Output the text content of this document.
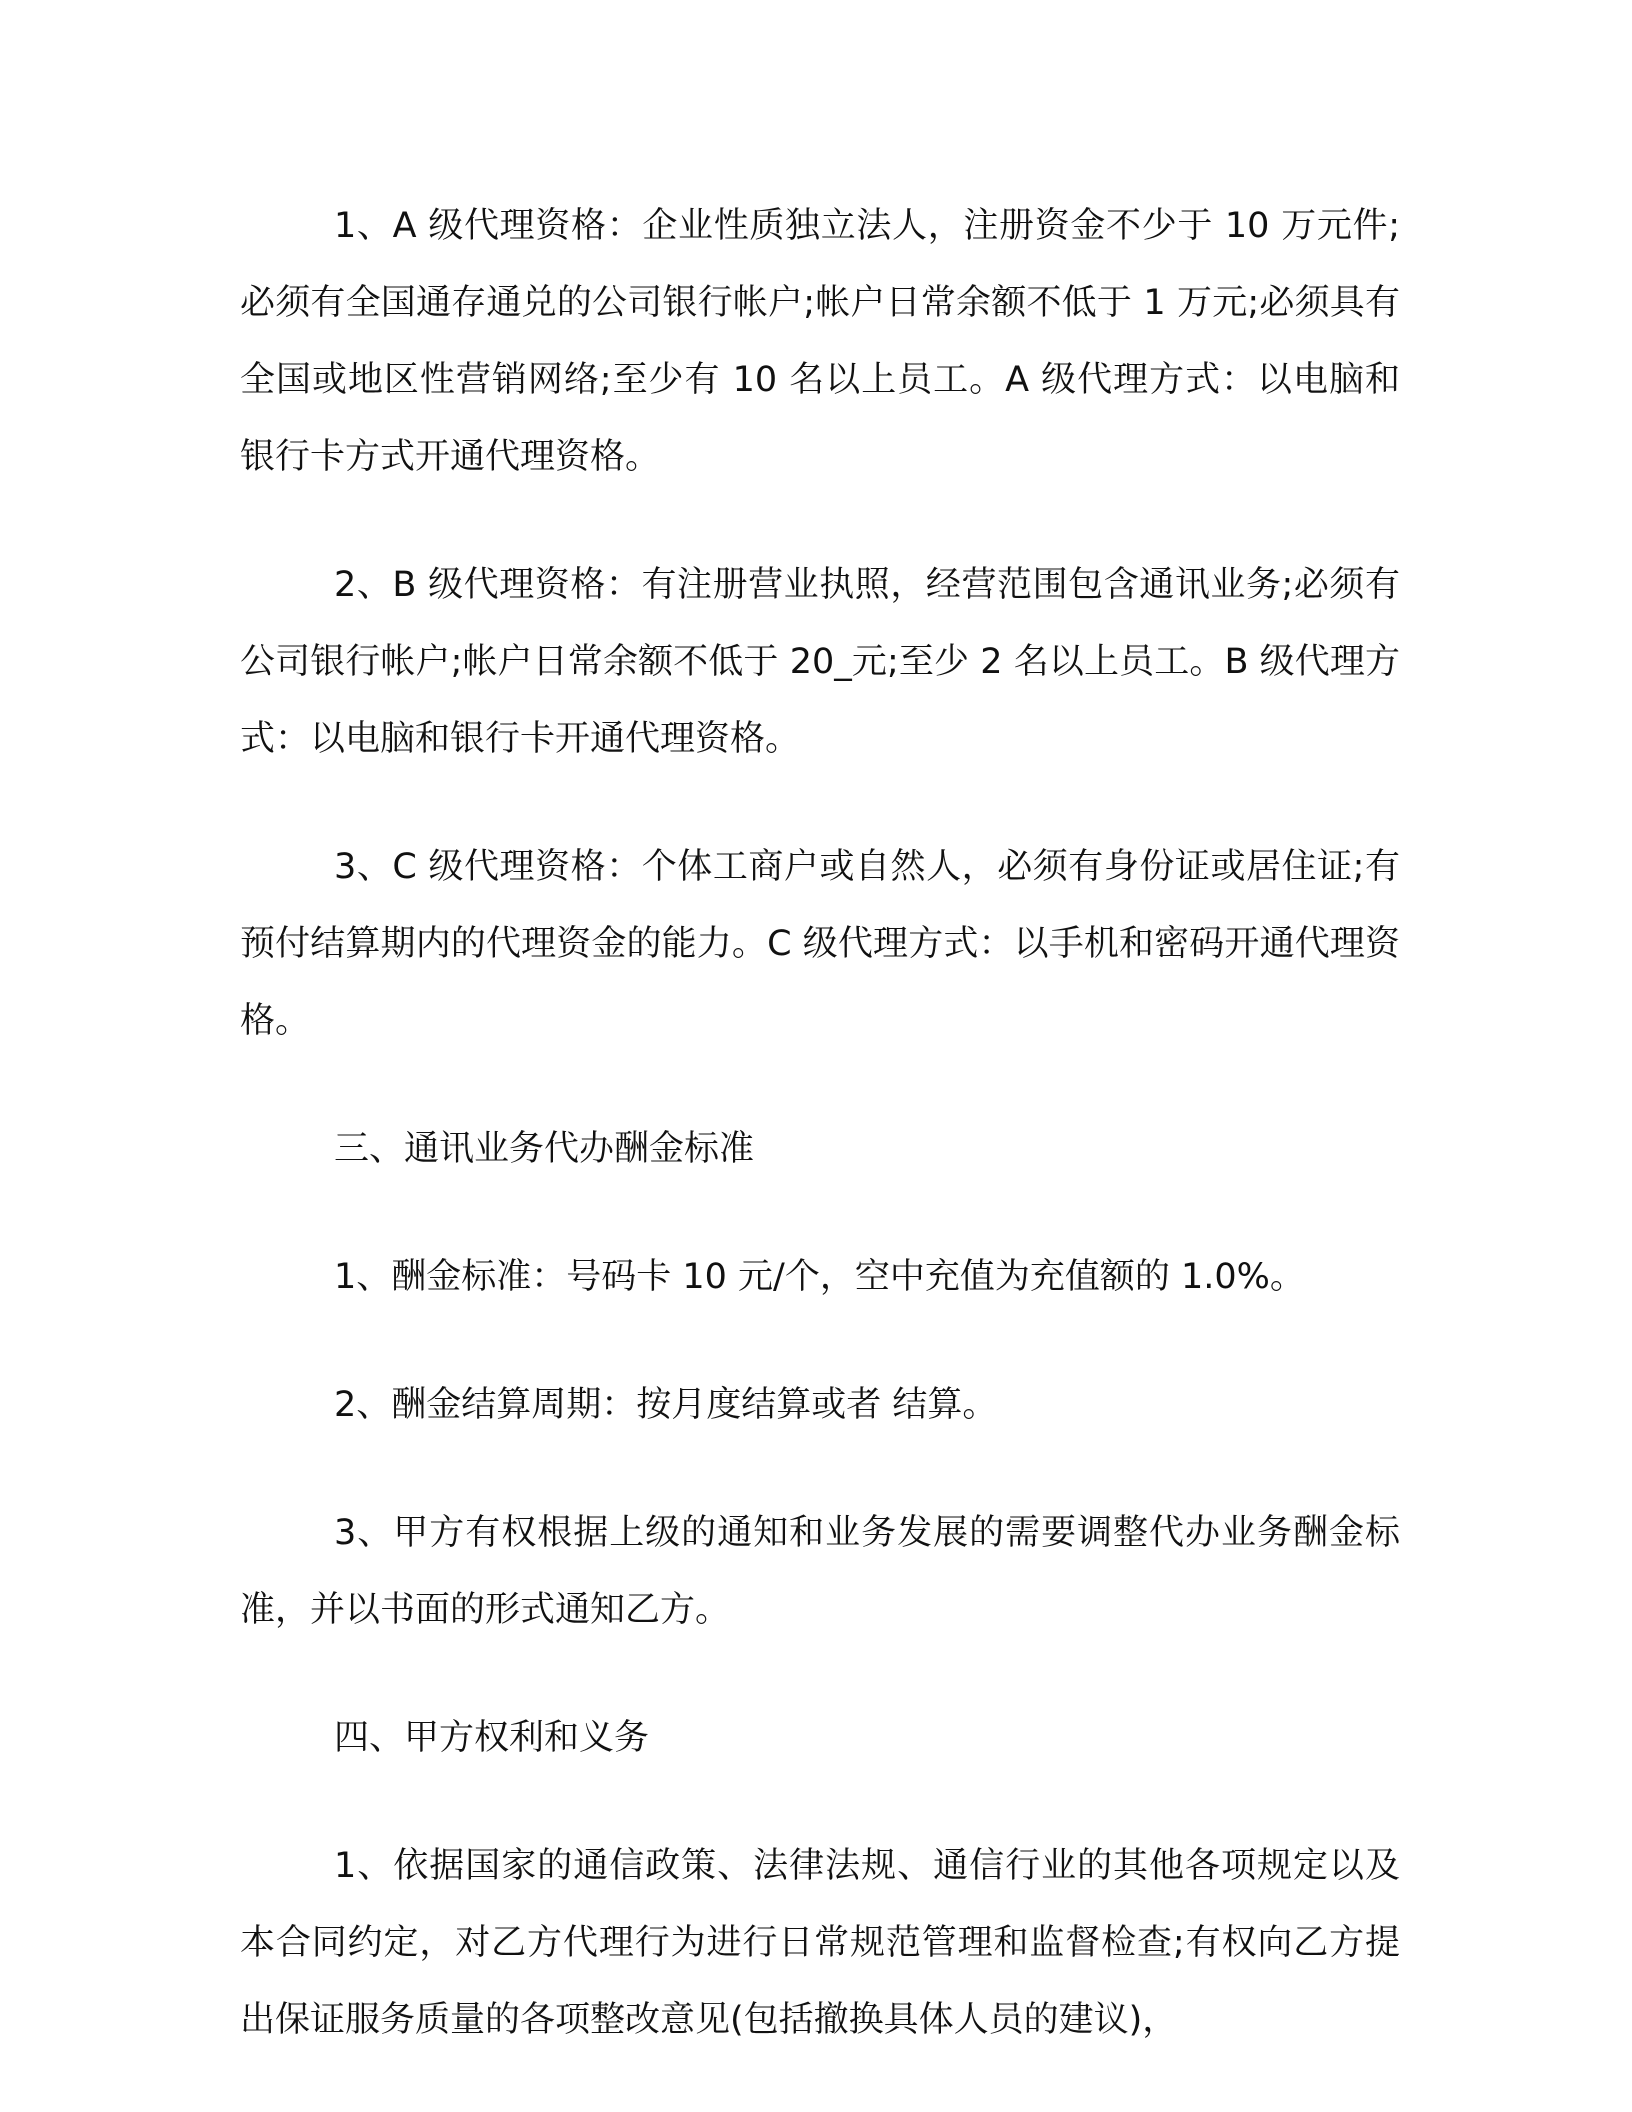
1、A 级代理资格：企业性质独立法人，注册资金不少于 10 万元件;必须有全国通存通兑的公司银行帐户;帐户日常余额不低于 1 万元;必须具有全国或地区性营销网络;至少有 10 名以上员工。A 级代理方式：以电脑和银行卡方式开通代理资格。

2、B 级代理资格：有注册营业执照，经营范围包含通讯业务;必须有公司银行帐户;帐户日常余额不低于 20_元;至少 2 名以上员工。B 级代理方式：以电脑和银行卡开通代理资格。

3、C 级代理资格：个体工商户或自然人，必须有身份证或居住证;有预付结算期内的代理资金的能力。C 级代理方式：以手机和密码开通代理资格。

三、通讯业务代办酬金标准

1、酬金标准：号码卡 10 元/个，空中充值为充值额的 1.0%。

2、酬金结算周期：按月度结算或者 结算。

3、甲方有权根据上级的通知和业务发展的需要调整代办业务酬金标准，并以书面的形式通知乙方。

四、甲方权利和义务

1、依据国家的通信政策、法律法规、通信行业的其他各项规定以及本合同约定，对乙方代理行为进行日常规范管理和监督检查;有权向乙方提出保证服务质量的各项整改意见(包括撤换具体人员的建议)，
